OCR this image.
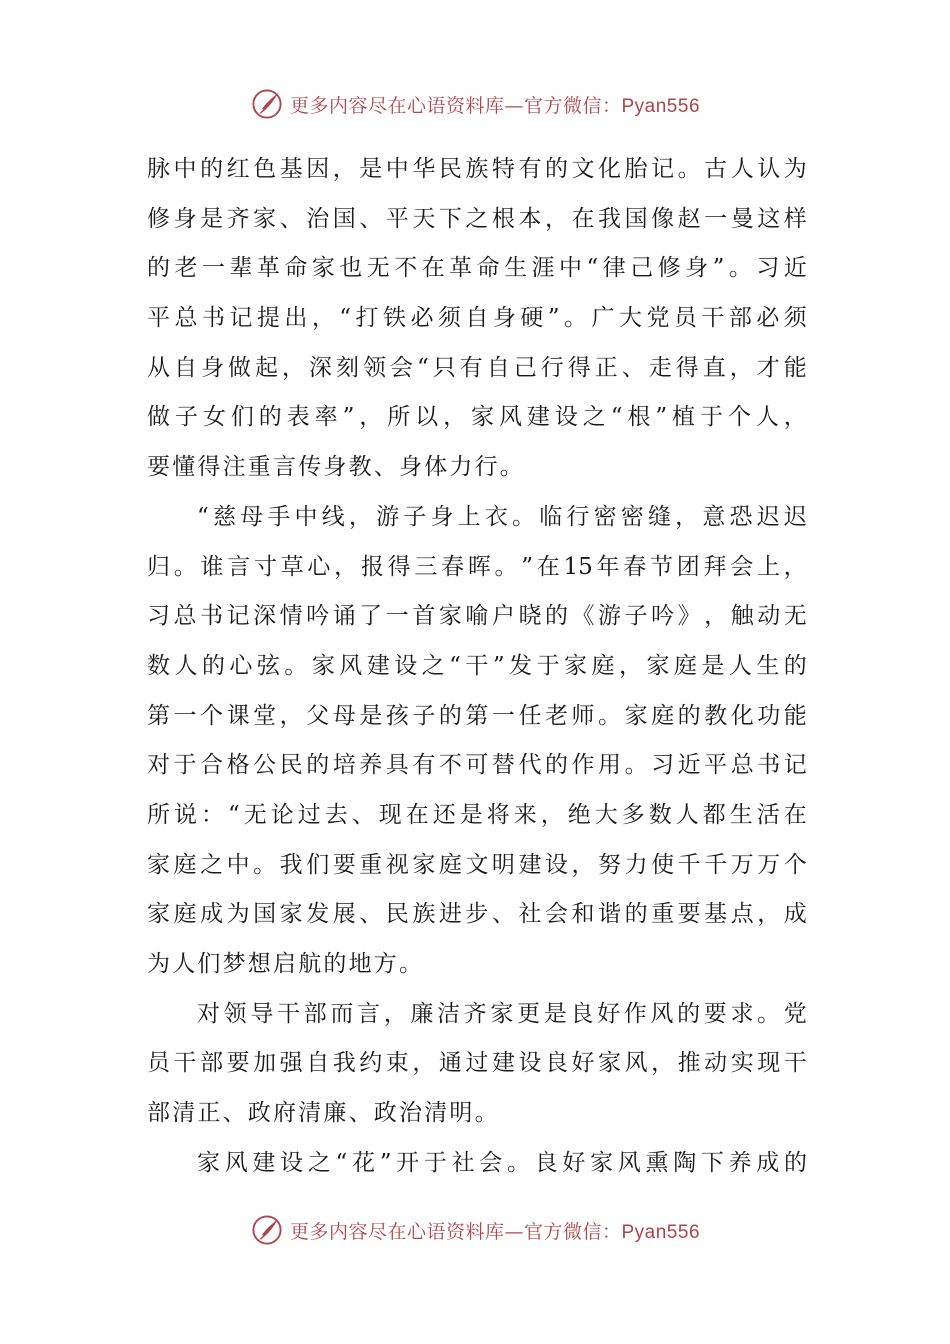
更多内容尽在心语资料库—官方微信：Pyan556
脉 中 的 红 色 基 因 ， 是 中 华 民 族 特 有 的 文 化 胎 记 。 古 人 认 为
修 身 是 齐 家 、 治 国 、 平 天 下 之 根 本 ， 在 我 国 像 赵 一 曼 这 样
的 老 一 辈 革 命 家 也 无 不 在 革 命 生 涯 中 “ 律 己 修 身 ” 。 习 近
平 总 书 记 提 出 ， “ 打 铁 必 须 自 身 硬 ” 。 广 大 党 员 干 部 必 须
从 自 身 做 起 ， 深 刻 领 会 “ 只 有 自 己 行 得 正 、 走 得 直 ， 才 能
做 子 女 们 的 表 率 ” ， 所 以 ， 家 风 建 设 之 “ 根 ” 植 于 个 人 ，
要懂得注重言传身教、身体力行。
“ 慈 母 手 中 线 ， 游 子 身 上 衣 。 临 行 密 密 缝 ， 意 恐 迟 迟
归 。 谁 言 寸 草 心 ， 报 得 三 春 晖 。 ” 在 15 年 春 节 团 拜 会 上 ，
习 总 书 记 深 情 吟 诵 了 一 首 家 喻 户 晓 的 《 游 子 吟 》 ， 触 动 无
数 人 的 心 弦 。 家 风 建 设 之 “ 干 ” 发 于 家 庭 ， 家 庭 是 人 生 的
第 一 个 课 堂 ， 父 母 是 孩 子 的 第 一 任 老 师 。 家 庭 的 教 化 功 能
对 于 合 格 公 民 的 培 养 具 有 不 可 替 代 的 作 用 。 习 近 平 总 书 记
所 说 ： “ 无 论 过 去 、 现 在 还 是 将 来 ， 绝 大 多 数 人 都 生 活 在
家 庭 之 中 。 我 们 要 重 视 家 庭 文 明 建 设 ， 努 力 使 千 千 万 万 个
家 庭 成 为 国 家 发 展 、 民 族 进 步 、 社 会 和 谐 的 重 要 基 点 ， 成
为人们梦想启航的地方。
对 领 导 干 部 而 言 ， 廉 洁 齐 家 更 是 良 好 作 风 的 要 求 。 党
员 干 部 要 加 强 自 我 约 束 ， 通 过 建 设 良 好 家 风 ， 推 动 实 现 干
部清正、政府清廉、政治清明。
家 风 建 设 之 “ 花 ” 开 于 社 会 。 良 好 家 风 熏 陶 下 养 成 的
更多内容尽在心语资料库—官方微信：Pyan556
